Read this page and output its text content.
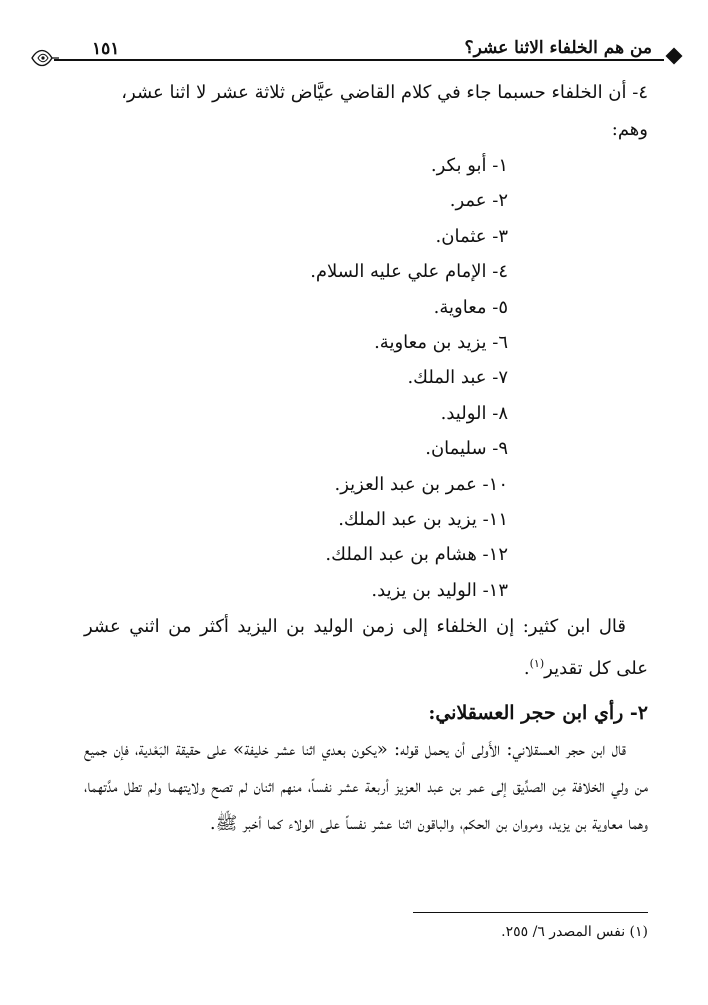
من هم الخلفاء الاثنا عشر؟
١٥١

٤- أن الخلفاء حسبما جاء في كلام القاضي عيَّاض ثلاثة عشر لا اثنا عشر،

وهم:

١- أبو بكر.
٢- عمر.
٣- عثمان.
٤- الإمام علي عليه السلام.
٥- معاوية.
٦- يزيد بن معاوية.
٧- عبد الملك.
٨- الوليد.
٩- سليمان.
١٠- عمر بن عبد العزيز.
١١- يزيد بن عبد الملك.
١٢- هشام بن عبد الملك.
١٣- الوليد بن يزيد.

قال ابن كثير: إن الخلفاء إلى زمن الوليد بن اليزيد أكثر من اثني عشر على كل تقدير$^{(١)}$.

٢- رأي ابن حجر العسقلاني:

قال ابن حجر العسقلاني: الأَولى أن يحمل قوله: «يكون بعدي اثنا عشر خليفة» على حقيقة البَعْدية، فإن جميع من ولي الخلافة مِن الصدِّيق إلى عمر بن عبد العزيز أربعة عشر نفساً، منهم اثنان لم تصح ولايتهما ولم تطل مدَّتهما، وهما معاوية بن يزيد، ومروان بن الحكم، والباقون اثنا عشر نفساً على الولاء كما أخبر ﷺ.

(١) نفس المصدر ٦/ ٢٥٥.
